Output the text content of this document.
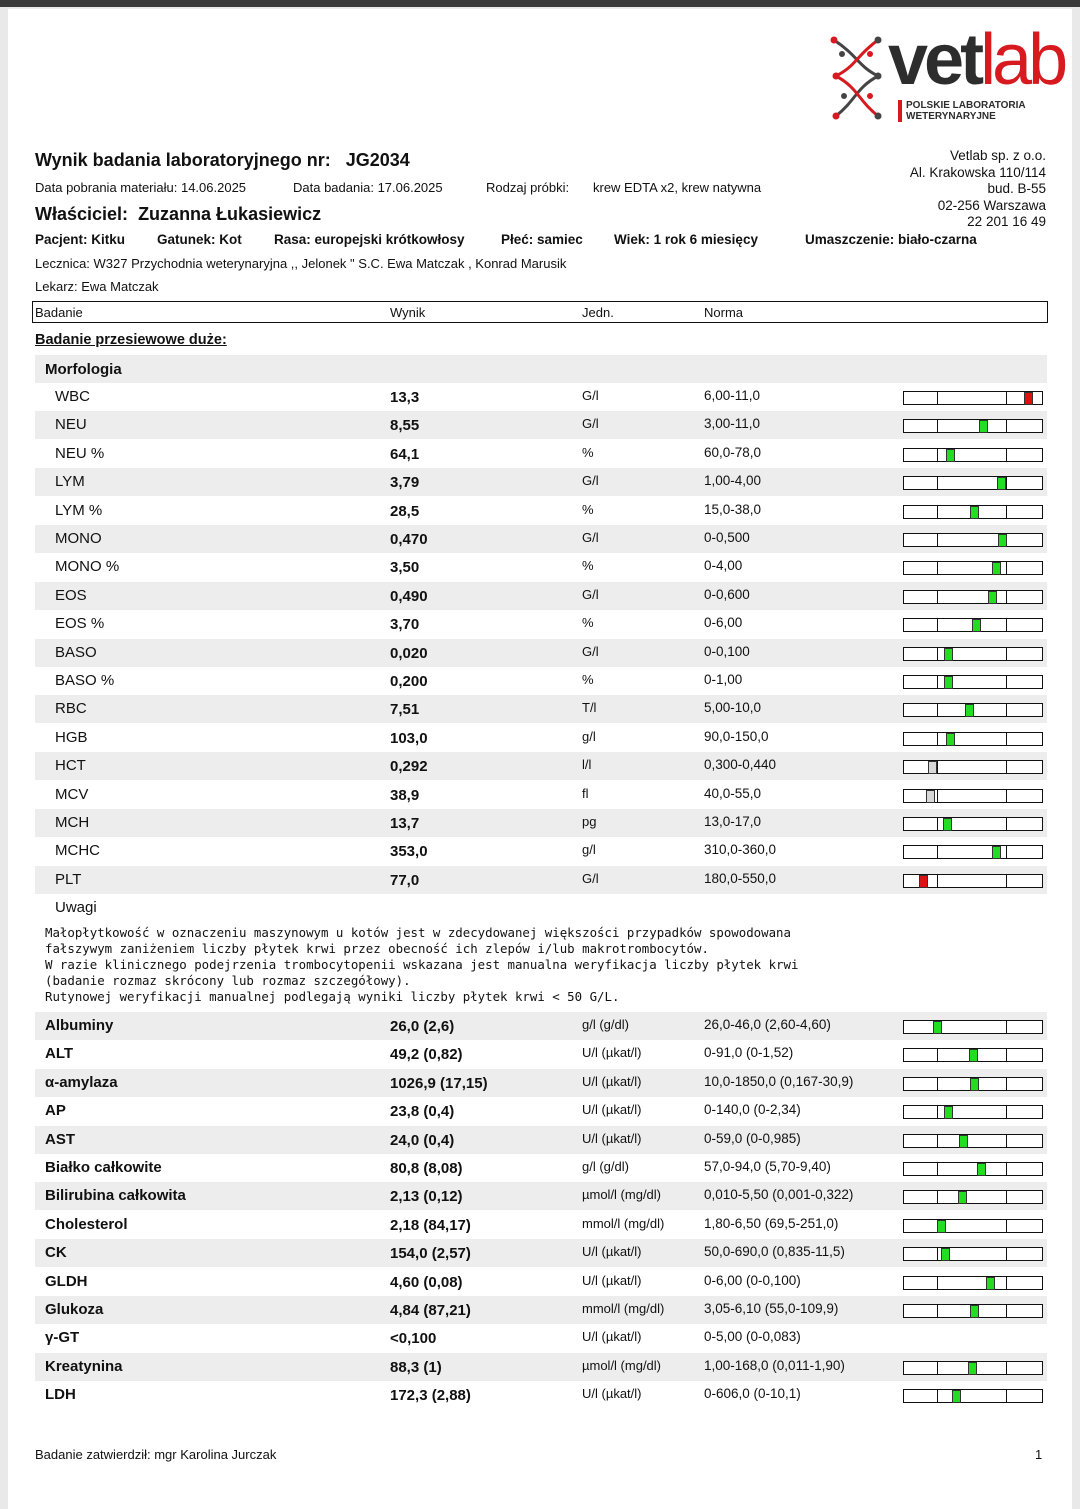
vetlab
POLSKIE LABORATORIA
WETERYNARYJNE
Wynik badania laboratoryjnego nr: JG2034
Data pobrania materiału: 14.06.2025	Data badania: 17.06.2025	Rodzaj próbki: krew EDTA x2, krew natywna
Właściciel: Zuzanna Łukasiewicz
Pacjent: Kitku Gatunek: Kot Rasa: europejski krótkowłosy	Płeć: samiec Wiek: 1 rok 6 miesięcy	Umaszczenie: biało-czarna
Lecznica: W327 Przychodnia weterynaryjna ,, Jelonek " S.C. Ewa Matczak , Konrad Marusik
Lekarz: Ewa Matczak
Vetlab sp. z o.o.
Al. Krakowska 110/114
bud. B-55
02-256 Warszawa
22 201 16 49
Badanie	Wynik	Jedn.	Norma
Badanie przesiewowe duże:
Morfologia
WBC	13,3	G/l	6,00-11,0
NEU	8,55	G/l	3,00-11,0
NEU %	64,1	%	60,0-78,0
LYM	3,79	G/l	1,00-4,00
LYM %	28,5	%	15,0-38,0
MONO	0,470	G/l	0-0,500
MONO %	3,50	%	0-4,00
EOS	0,490	G/l	0-0,600
EOS %	3,70	%	0-6,00
BASO	0,020	G/l	0-0,100
BASO %	0,200	%	0-1,00
RBC	7,51	T/l	5,00-10,0
HGB	103,0	g/l	90,0-150,0
HCT	0,292	l/l	0,300-0,440
MCV	38,9	fl	40,0-55,0
MCH	13,7	pg	13,0-17,0
MCHC	353,0	g/l	310,0-360,0
PLT	77,0	G/l	180,0-550,0
Uwagi
Małopłytkowość w oznaczeniu maszynowym u kotów jest w zdecydowanej większości przypadków spowodowana
fałszywym zaniżeniem liczby płytek krwi przez obecność ich zlepów i/lub makrotrombocytów.
W razie klinicznego podejrzenia trombocytopenii wskazana jest manualna weryfikacja liczby płytek krwi
(badanie rozmaz skrócony lub rozmaz szczegółowy).
Rutynowej weryfikacji manualnej podlegają wyniki liczby płytek krwi < 50 G/L.
Albuminy	26,0 (2,6)	g/l (g/dl)	26,0-46,0 (2,60-4,60)
ALT	49,2 (0,82)	U/l (µkat/l)	0-91,0 (0-1,52)
α-amylaza	1026,9 (17,15)	U/l (µkat/l)	10,0-1850,0 (0,167-30,9)
AP	23,8 (0,4)	U/l (µkat/l)	0-140,0 (0-2,34)
AST	24,0 (0,4)	U/l (µkat/l)	0-59,0 (0-0,985)
Białko całkowite	80,8 (8,08)	g/l (g/dl)	57,0-94,0 (5,70-9,40)
Bilirubina całkowita	2,13 (0,12)	µmol/l (mg/dl)	0,010-5,50 (0,001-0,322)
Cholesterol	2,18 (84,17)	mmol/l (mg/dl)	1,80-6,50 (69,5-251,0)
CK	154,0 (2,57)	U/l (µkat/l)	50,0-690,0 (0,835-11,5)
GLDH	4,60 (0,08)	U/l (µkat/l)	0-6,00 (0-0,100)
Glukoza	4,84 (87,21)	mmol/l (mg/dl)	3,05-6,10 (55,0-109,9)
γ-GT	<0,100	U/l (µkat/l)	0-5,00 (0-0,083)
Kreatynina	88,3 (1)	µmol/l (mg/dl)	1,00-168,0 (0,011-1,90)
LDH	172,3 (2,88)	U/l (µkat/l)	0-606,0 (0-10,1)
Badanie zatwierdził: mgr Karolina Jurczak	1
